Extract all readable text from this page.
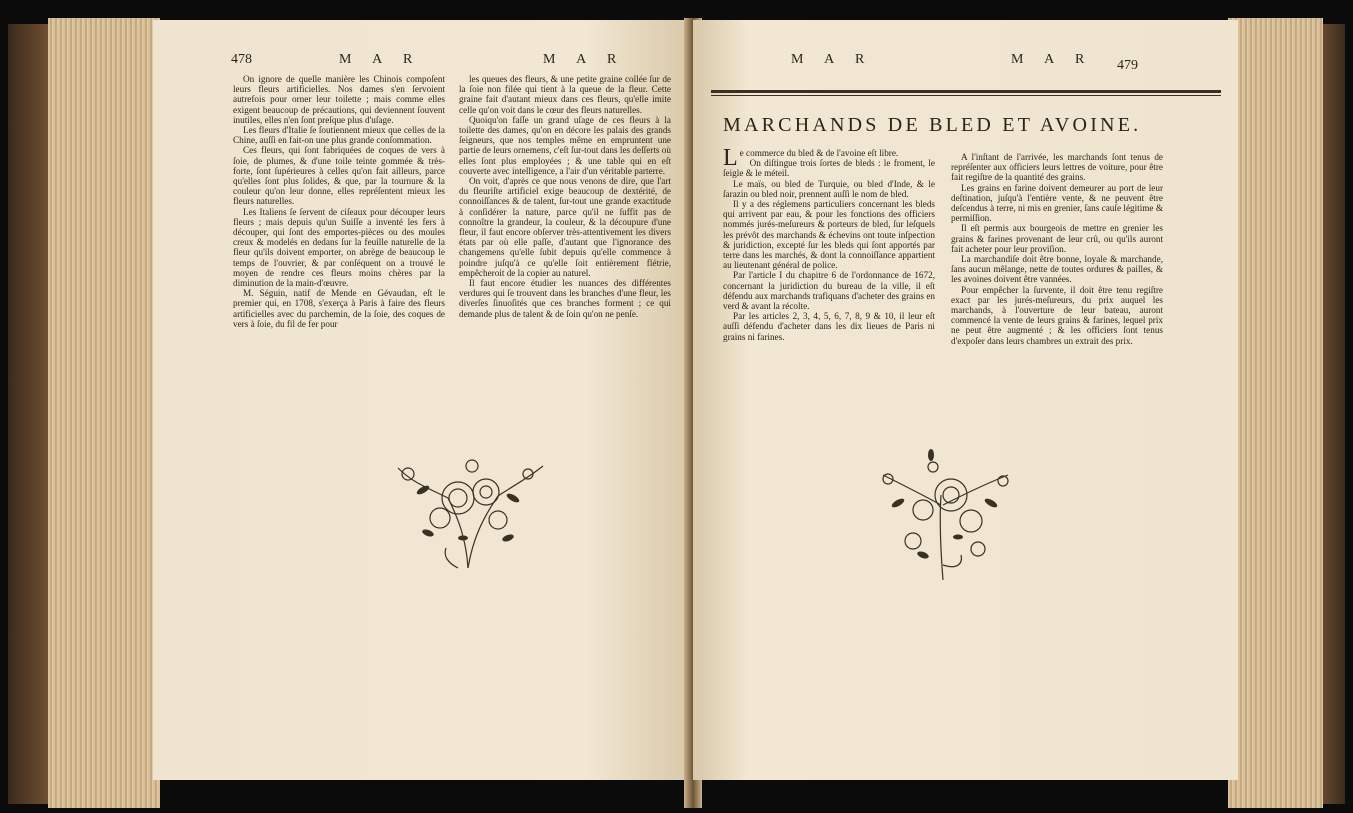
478	M A R	M A R

On ignore de quelle manière les Chinois compoſent leurs fleurs artificielles. Nos dames s'en ſervoient autrefois pour orner leur toilette ; mais comme elles exigent beaucoup de précautions, qui deviennent ſouvent inutiles, elles n'en ſont preſque plus d'uſage.

Les fleurs d'Italie ſe ſoutiennent mieux que celles de la Chine, auſſi en fait-on une plus grande conſommation.

Ces fleurs, qui ſont fabriquées de coques de vers à ſoie, de plumes, & d'une toile teinte gommée & très-forte, ſont ſupérieures à celles qu'on fait ailleurs, parce qu'elles ſont plus ſolides, & que, par la tournure & la couleur qu'on leur donne, elles repréſentent mieux les fleurs naturelles.

Les Italiens ſe ſervent de ciſeaux pour découper leurs fleurs ; mais depuis qu'un Suiſſe a inventé les fers à découper, qui ſont des emportes-pièces ou des moules creux & modelés en dedans ſur la feuille naturelle de la fleur qu'ils doivent emporter, on abrège de beaucoup le temps de l'ouvrier, & par conſéquent on a trouvé le moyen de rendre ces fleurs moins chères par la diminution de la main-d'œuvre.

M. Séguin, natif de Mende en Gévaudan, eſt le premier qui, en 1708, s'exerça à Paris à faire des fleurs artificielles avec du parchemin, de la ſoie, des coques de vers à ſoie, du fil de fer pour

les queues des fleurs, & une petite graine collée ſur de la ſoie non filée qui tient à la queue de la fleur. Cette graine fait d'autant mieux dans ces fleurs, qu'elle imite celle qu'on voit dans le cœur des fleurs naturelles.

Quoiqu'on faſſe un grand uſage de ces fleurs à la toilette des dames, qu'on en décore les palais des grands ſeigneurs, que nos temples même en empruntent une partie de leurs ornemens, c'eſt ſur-tout dans les deſſerts où elles ſont plus employées ; & une table qui en eſt couverte avec intelligence, a l'air d'un véritable parterre.

On voit, d'après ce que nous venons de dire, que l'art du fleuriſte artificiel exige beaucoup de dextérité, de connoiſſances & de talent, ſur-tout une grande exactitude à conſidérer la nature, parce qu'il ne ſuffit pas de connoître la grandeur, la couleur, & la découpure d'une fleur, il faut encore obſerver très-attentivement les divers états par où elle paſſe, d'autant que l'ignorance des changemens qu'elle ſubit depuis qu'elle commence à poindre juſqu'à ce qu'elle ſoit entièrement flétrie, empêcheroit de la copier au naturel.

Il faut encore étudier les nuances des différentes verdures qui ſe trouvent dans les branches d'une fleur, les diverſes ſinuoſités que ces branches forment ; ce qui demande plus de talent & de ſoin qu'on ne penſe.

M A R	M A R 479
MARCHANDS DE BLED ET AVOINE.

Le commerce du bled & de l'avoine eſt libre.

On diſtingue trois ſortes de bleds : le froment, le ſeigle & le méteil.

Le maïs, ou bled de Turquie, ou bled d'Inde, & le ſarazin ou bled noir, prennent auſſi le nom de bled.

Il y a des réglemens particuliers concernant les bleds qui arrivent par eau, & pour les fonctions des officiers nommés jurés-meſureurs & porteurs de bled, ſur leſquels les prévôt des marchands & échevins ont toute inſpection & juridiction, excepté ſur les bleds qui ſont apportés par terre dans les marchés, & dont la connoiſſance appartient au lieutenant général de police.

Par l'article I du chapitre 6 de l'ordonnance de 1672, concernant la juridiction du bureau de la ville, il eſt défendu aux marchands trafiquans d'acheter des grains en verd & avant la récolte.

Par les articles 2, 3, 4, 5, 6, 7, 8, 9 & 10, il leur eſt auſſi défendu d'acheter dans les dix lieues de Paris ni grains ni farines.

A l'inſtant de l'arrivée, les marchands ſont tenus de repréſenter aux officiers leurs lettres de voiture, pour être fait regiſtre de la quantité des grains.

Les grains en farine doivent demeurer au port de leur deſtination, juſqu'à l'entière vente, & ne peuvent être deſcendus à terre, ni mis en grenier, ſans cauſe légitime & permiſſion.

Il eſt permis aux bourgeois de mettre en grenier les grains & farines provenant de leur crû, ou qu'ils auront fait acheter pour leur proviſion.

La marchandiſe doit être bonne, loyale & marchande, ſans aucun mêlange, nette de toutes ordures & pailles, & les avoines doivent être vannées.

Pour empêcher la ſurvente, il doit être tenu regiſtre exact par les jurés-meſureurs, du prix auquel les marchands, à l'ouverture de leur bateau, auront commencé la vente de leurs grains & farines, lequel prix ne peut être augmenté ; & les officiers ſont tenus d'expoſer dans leurs chambres un extrait des prix.
